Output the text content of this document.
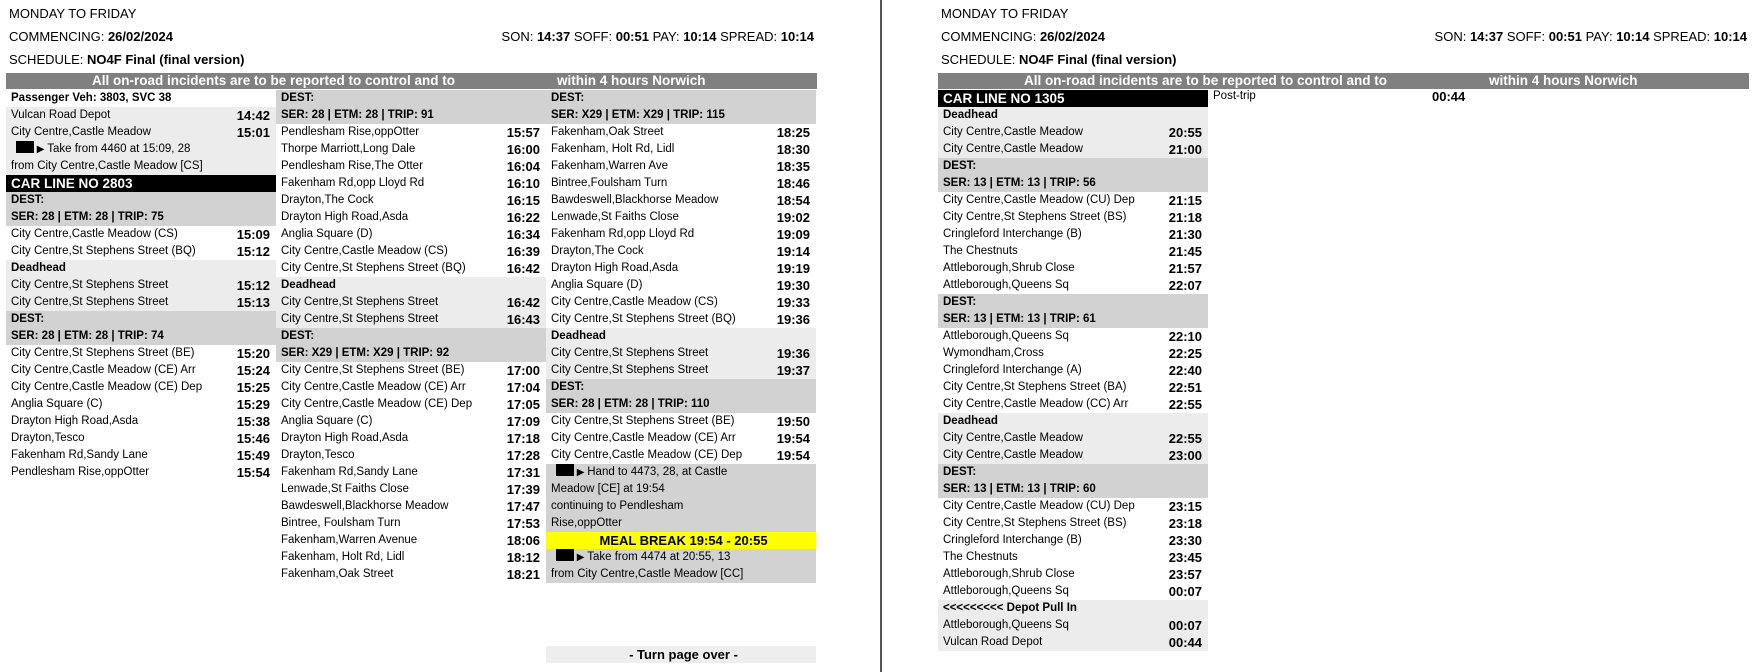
MONDAY TO FRIDAY
COMMENCING: 26/02/2024
SCHEDULE: NO4F Final (final version)
SON: 14:37 SOFF: 00:51 PAY: 10:14 SPREAD: 10:14
All on-road incidents are to be reported to control and to	within 4 hours Norwich
Passenger Veh: 3803, SVC 38
Vulcan Road Depot	14:42
City Centre,Castle Meadow	15:01
▶ Take from 4460 at 15:09, 28
from City Centre,Castle Meadow [CS]
CAR LINE NO 2803
DEST:
SER: 28 | ETM: 28 | TRIP: 75
City Centre,Castle Meadow (CS)	15:09
City Centre,St Stephens Street (BQ)	15:12
Deadhead
City Centre,St Stephens Street	15:12
City Centre,St Stephens Street	15:13
DEST:
SER: 28 | ETM: 28 | TRIP: 74
City Centre,St Stephens Street (BE)	15:20
City Centre,Castle Meadow (CE) Arr	15:24
City Centre,Castle Meadow (CE) Dep	15:25
Anglia Square (C)	15:29
Drayton High Road,Asda	15:38
Drayton,Tesco	15:46
Fakenham Rd,Sandy Lane	15:49
Pendlesham Rise,oppOtter	15:54
DEST:
SER: 28 | ETM: 28 | TRIP: 91
Pendlesham Rise,oppOtter	15:57
Thorpe Marriott,Long Dale	16:00
Pendlesham Rise,The Otter	16:04
Fakenham Rd,opp Lloyd Rd	16:10
Drayton,The Cock	16:15
Drayton High Road,Asda	16:22
Anglia Square (D)	16:34
City Centre,Castle Meadow (CS)	16:39
City Centre,St Stephens Street (BQ)	16:42
Deadhead
City Centre,St Stephens Street	16:42
City Centre,St Stephens Street	16:43
DEST:
SER: X29 | ETM: X29 | TRIP: 92
City Centre,St Stephens Street (BE)	17:00
City Centre,Castle Meadow (CE) Arr	17:04
City Centre,Castle Meadow (CE) Dep	17:05
Anglia Square (C)	17:09
Drayton High Road,Asda	17:18
Drayton,Tesco	17:28
Fakenham Rd,Sandy Lane	17:31
Lenwade,St Faiths Close	17:39
Bawdeswell,Blackhorse Meadow	17:47
Bintree, Foulsham Turn	17:53
Fakenham,Warren Avenue	18:06
Fakenham, Holt Rd, Lidl	18:12
Fakenham,Oak Street	18:21
DEST:
SER: X29 | ETM: X29 | TRIP: 115
Fakenham,Oak Street	18:25
Fakenham, Holt Rd, Lidl	18:30
Fakenham,Warren Ave	18:35
Bintree,Foulsham Turn	18:46
Bawdeswell,Blackhorse Meadow	18:54
Lenwade,St Faiths Close	19:02
Fakenham Rd,opp Lloyd Rd	19:09
Drayton,The Cock	19:14
Drayton High Road,Asda	19:19
Anglia Square (D)	19:30
City Centre,Castle Meadow (CS)	19:33
City Centre,St Stephens Street (BQ)	19:36
Deadhead
City Centre,St Stephens Street	19:36
City Centre,St Stephens Street	19:37
DEST:
SER: 28 | ETM: 28 | TRIP: 110
City Centre,St Stephens Street (BE)	19:50
City Centre,Castle Meadow (CE) Arr	19:54
City Centre,Castle Meadow (CE) Dep	19:54
▶ Hand to 4473, 28, at Castle
Meadow [CE] at 19:54
continuing to Pendlesham
Rise,oppOtter
MEAL BREAK 19:54 - 20:55
▶ Take from 4474 at 20:55, 13
from City Centre,Castle Meadow [CC]
- Turn page over -
MONDAY TO FRIDAY
COMMENCING: 26/02/2024
SCHEDULE: NO4F Final (final version)
SON: 14:37 SOFF: 00:51 PAY: 10:14 SPREAD: 10:14
All on-road incidents are to be reported to control and to	within 4 hours Norwich
CAR LINE NO 1305
Deadhead
City Centre,Castle Meadow	20:55
City Centre,Castle Meadow	21:00
DEST:
SER: 13 | ETM: 13 | TRIP: 56
City Centre,Castle Meadow (CU) Dep	21:15
City Centre,St Stephens Street (BS)	21:18
Cringleford Interchange (B)	21:30
The Chestnuts	21:45
Attleborough,Shrub Close	21:57
Attleborough,Queens Sq	22:07
DEST:
SER: 13 | ETM: 13 | TRIP: 61
Attleborough,Queens Sq	22:10
Wymondham,Cross	22:25
Cringleford Interchange (A)	22:40
City Centre,St Stephens Street (BA)	22:51
City Centre,Castle Meadow (CC) Arr	22:55
Deadhead
City Centre,Castle Meadow	22:55
City Centre,Castle Meadow	23:00
DEST:
SER: 13 | ETM: 13 | TRIP: 60
City Centre,Castle Meadow (CU) Dep	23:15
City Centre,St Stephens Street (BS)	23:18
Cringleford Interchange (B)	23:30
The Chestnuts	23:45
Attleborough,Shrub Close	23:57
Attleborough,Queens Sq	00:07
<<<<<<<<< Depot Pull In
Attleborough,Queens Sq	00:07
Vulcan Road Depot	00:44
Post-trip	00:44
